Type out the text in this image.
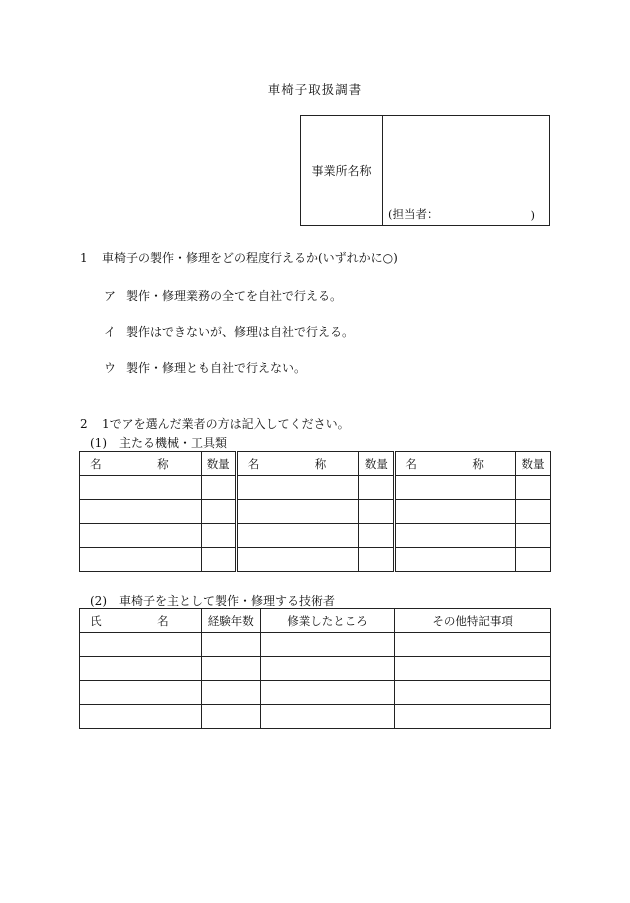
車椅子取扱調書
事業所名称
(担当者：	)
1 車椅子の製作・修理をどの程度行えるか(いずれかに○)
ア 製作・修理業務の全てを自社で行える。
イ 製作はできないが、修理は自社で行える。
ウ 製作・修理とも自社で行えない。
2 1でアを選んだ業者の方は記入してください。
(1)　主たる機械・工具類
名　称	数量	名　称	数量	名　称	数量

(2)　車椅子を主として製作・修理する技術者
氏　名	経験年数	修業したところ	その他特記事項
